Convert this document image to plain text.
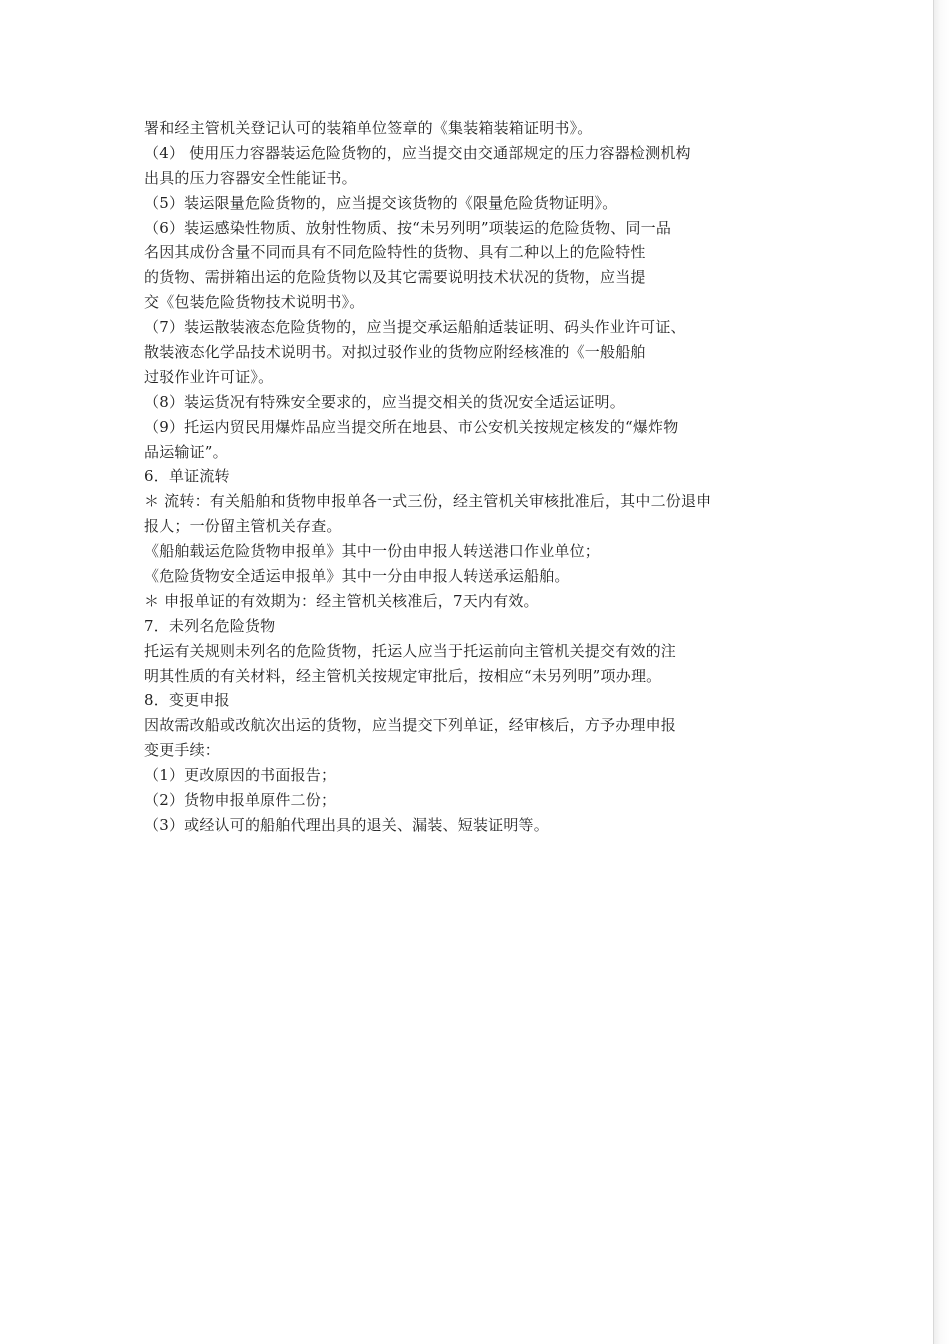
署和经主管机关登记认可的装箱单位签章的《集装箱装箱证明书》。
（4） 使用压力容器装运危险货物的，应当提交由交通部规定的压力容器检测机构
出具的压力容器安全性能证书。
（5）装运限量危险货物的，应当提交该货物的《限量危险货物证明》。
（6）装运感染性物质、放射性物质、按“未另列明”项装运的危险货物、同一品
名因其成份含量不同而具有不同危险特性的货物、具有二种以上的危险特性
的货物、需拼箱出运的危险货物以及其它需要说明技术状况的货物，应当提
交《包装危险货物技术说明书》。
（7）装运散装液态危险货物的，应当提交承运船舶适装证明、码头作业许可证、
散装液态化学品技术说明书。对拟过驳作业的货物应附经核准的《一般船舶
过驳作业许可证》。
（8）装运货况有特殊安全要求的，应当提交相关的货况安全适运证明。
（9）托运内贸民用爆炸品应当提交所在地县、市公安机关按规定核发的“爆炸物
品运输证”。
6．单证流转
＊ 流转：有关船舶和货物申报单各一式三份，经主管机关审核批准后，其中二份退申
报人；一份留主管机关存查。
《船舶载运危险货物申报单》其中一份由申报人转送港口作业单位；
《危险货物安全适运申报单》其中一分由申报人转送承运船舶。
＊ 申报单证的有效期为：经主管机关核准后，7天内有效。
7．未列名危险货物
托运有关规则未列名的危险货物，托运人应当于托运前向主管机关提交有效的注
明其性质的有关材料，经主管机关按规定审批后，按相应“未另列明”项办理。
8．变更申报
因故需改船或改航次出运的货物，应当提交下列单证，经审核后，方予办理申报
变更手续：
（1）更改原因的书面报告；
（2）货物申报单原件二份；
（3）或经认可的船舶代理出具的退关、漏装、短装证明等。
